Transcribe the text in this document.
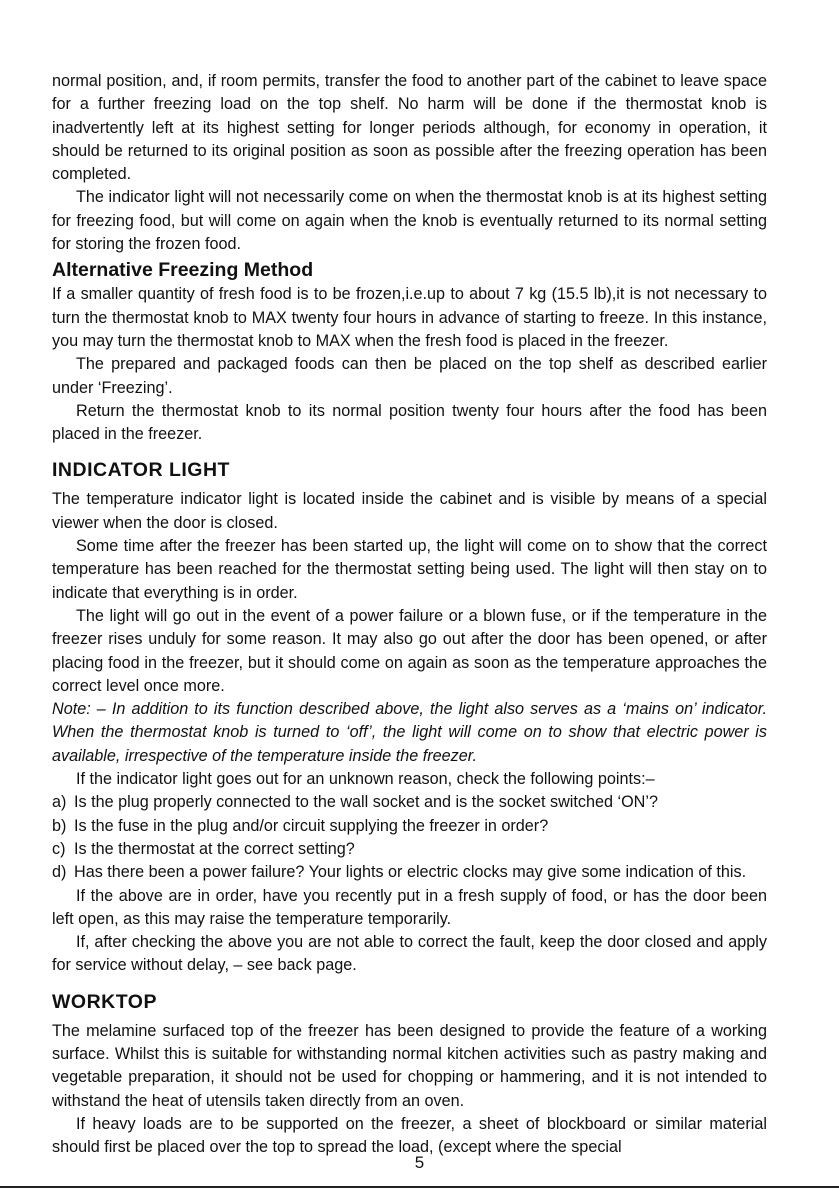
normal position, and, if room permits, transfer the food to another part of the cabinet to leave space for a further freezing load on the top shelf. No harm will be done if the thermostat knob is inadvertently left at its highest setting for longer periods although, for economy in operation, it should be returned to its original position as soon as possible after the freezing operation has been completed.

The indicator light will not necessarily come on when the thermostat knob is at its highest setting for freezing food, but will come on again when the knob is eventually returned to its normal setting for storing the frozen food.

Alternative Freezing Method

If a smaller quantity of fresh food is to be frozen,i.e.up to about 7 kg (15.5 lb),it is not necessary to turn the thermostat knob to MAX twenty four hours in advance of starting to freeze. In this instance, you may turn the thermostat knob to MAX when the fresh food is placed in the freezer.

The prepared and packaged foods can then be placed on the top shelf as described earlier under ‘Freezing’.

Return the thermostat knob to its normal position twenty four hours after the food has been placed in the freezer.

INDICATOR LIGHT

The temperature indicator light is located inside the cabinet and is visible by means of a special viewer when the door is closed.

Some time after the freezer has been started up, the light will come on to show that the correct temperature has been reached for the thermostat setting being used. The light will then stay on to indicate that everything is in order.

The light will go out in the event of a power failure or a blown fuse, or if the temperature in the freezer rises unduly for some reason. It may also go out after the door has been opened, or after placing food in the freezer, but it should come on again as soon as the temperature approaches the correct level once more.

Note: – In addition to its function described above, the light also serves as a ‘mains on’ indicator. When the thermostat knob is turned to ‘off’, the light will come on to show that electric power is available, irrespective of the temperature inside the freezer.

If the indicator light goes out for an unknown reason, check the following points:–

a) Is the plug properly connected to the wall socket and is the socket switched ‘ON’?
b) Is the fuse in the plug and/or circuit supplying the freezer in order?
c) Is the thermostat at the correct setting?
d) Has there been a power failure? Your lights or electric clocks may give some indication of this.

If the above are in order, have you recently put in a fresh supply of food, or has the door been left open, as this may raise the temperature temporarily.

If, after checking the above you are not able to correct the fault, keep the door closed and apply for service without delay, – see back page.

WORKTOP

The melamine surfaced top of the freezer has been designed to provide the feature of a working surface. Whilst this is suitable for withstanding normal kitchen activities such as pastry making and vegetable preparation, it should not be used for chopping or hammering, and it is not intended to withstand the heat of utensils taken directly from an oven.

If heavy loads are to be supported on the freezer, a sheet of blockboard or similar material should first be placed over the top to spread the load, (except where the special

5
